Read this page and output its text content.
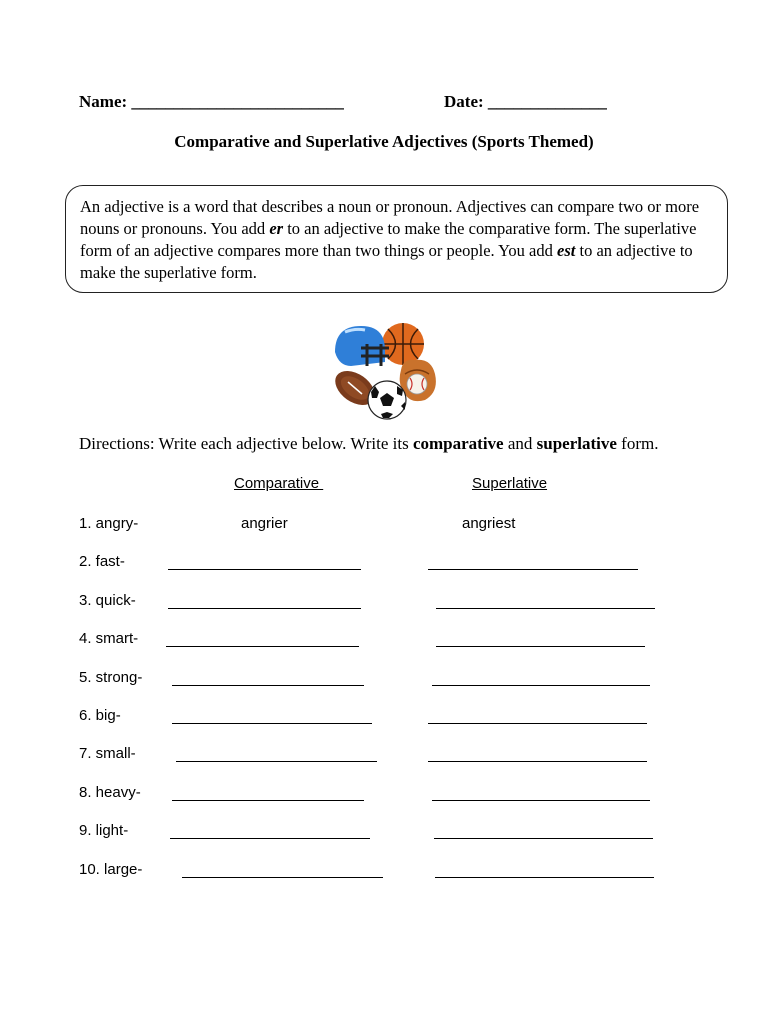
Name: _________________________	Date: ______________
Comparative and Superlative Adjectives (Sports Themed)
An adjective is a word that describes a noun or pronoun. Adjectives can compare two or more nouns or pronouns. You add er to an adjective to make the comparative form. The superlative form of an adjective compares more than two things or people. You add est to an adjective to make the superlative form.
Directions: Write each adjective below. Write its comparative and superlative form.
Comparative	Superlative
1. angry-	angrier	angriest
2. fast-
3. quick-
4. smart-
5. strong-
6. big-
7. small-
8. heavy-
9. light-
10. large-
